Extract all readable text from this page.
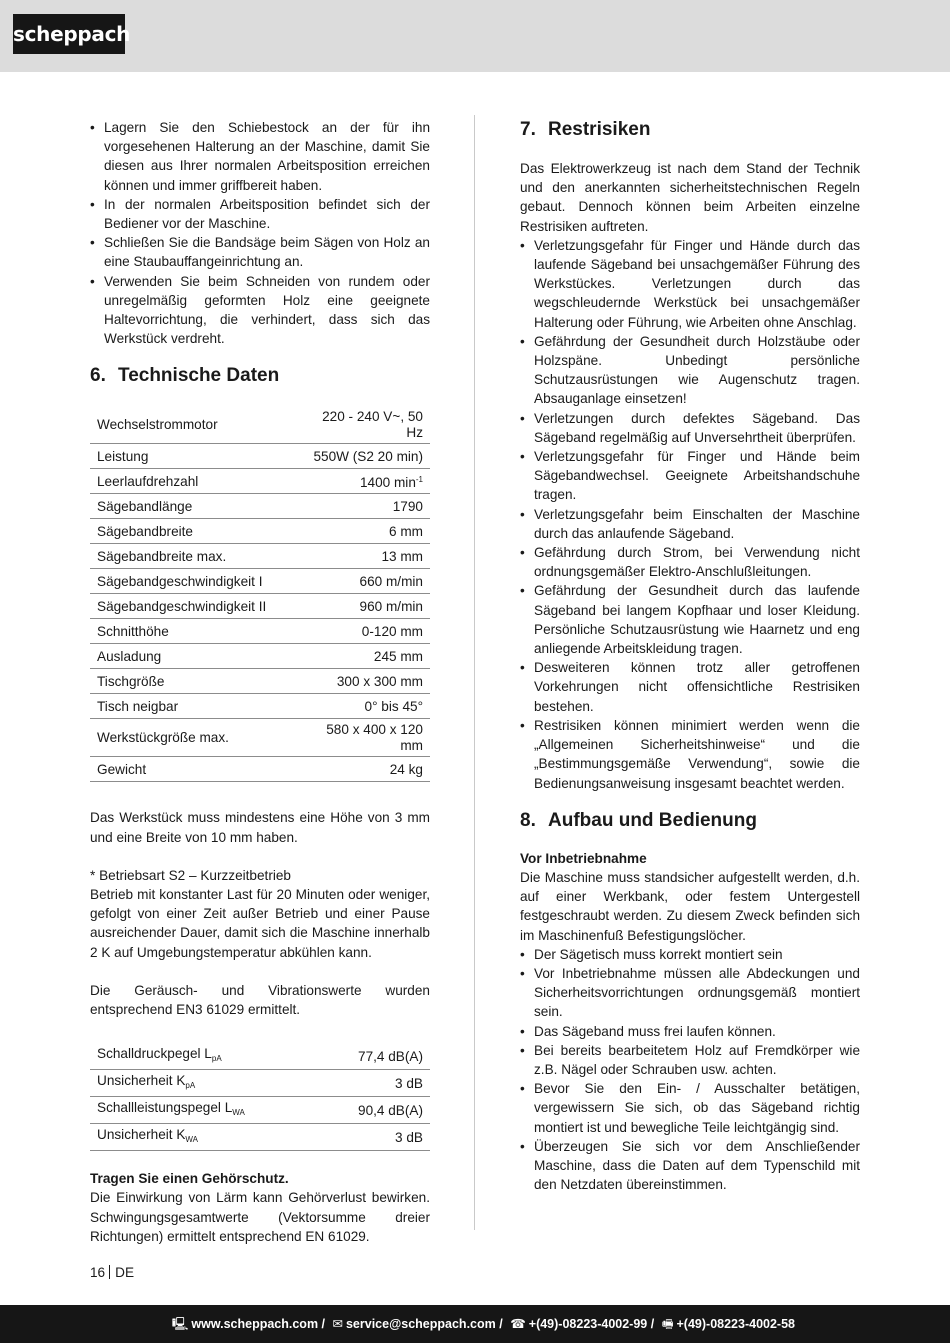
scheppach
• Lagern Sie den Schiebestock an der für ihn vorgesehenen Halterung an der Maschine, damit Sie diesen aus Ihrer normalen Arbeitsposition erreichen können und immer griffbereit haben.
• In der normalen Arbeitsposition befindet sich der Bediener vor der Maschine.
• Schließen Sie die Bandsäge beim Sägen von Holz an eine Staubauffangeinrichtung an.
• Verwenden Sie beim Schneiden von rundem oder unregelmäßig geformten Holz eine geeignete Haltevorrichtung, die verhindert, dass sich das Werkstück verdreht.
6. Technische Daten
Wechselstrommotor	220 - 240 V~, 50 Hz
Leistung	550W (S2 20 min)
Leerlaufdrehzahl	1400 $\min^{-1}$
Sägebandlänge	1790
Sägebandbreite	6 mm
Sägebandbreite max.	13 mm
Sägebandgeschwindigkeit I	660 m/min
Sägebandgeschwindigkeit II	960 m/min
Schnitthöhe	0-120 mm
Ausladung	245 mm
Tischgröße	300 x 300 mm
Tisch neigbar	0° bis 45°
Werkstückgröße max.	580 x 400 x 120 mm
Gewicht	24 kg

Das Werkstück muss mindestens eine Höhe von 3 mm und eine Breite von 10 mm haben.

* Betriebsart S2 – Kurzzeitbetrieb

Betrieb mit konstanter Last für 20 Minuten oder weniger, gefolgt von einer Zeit außer Betrieb und einer Pause ausreichender Dauer, damit sich die Maschine innerhalb 2 K auf Umgebungstemperatur abkühlen kann.

Die Geräusch- und Vibrationswerte wurden entsprechend EN3 61029 ermittelt.

Schalldruckpegel $L_{pA}$	77,4 dB(A)
Unsicherheit $K_{pA}$	3 dB
Schallleistungspegel $L_{WA}$	90,4 dB(A)
Unsicherheit $K_{WA}$	3 dB
Tragen Sie einen Gehörschutz.

Die Einwirkung von Lärm kann Gehörverlust bewirken. Schwingungsgesamtwerte (Vektorsumme dreier Richtungen) ermittelt entsprechend EN 61029.

7. Restrisiken

Das Elektrowerkzeug ist nach dem Stand der Technik und den anerkannten sicherheitstechnischen Regeln gebaut. Dennoch können beim Arbeiten einzelne Restrisiken auftreten.

• Verletzungsgefahr für Finger und Hände durch das laufende Sägeband bei unsachgemäßer Führung des Werkstückes. Verletzungen durch das wegschleudernde Werkstück bei unsachgemäßer Halterung oder Führung, wie Arbeiten ohne Anschlag.
• Gefährdung der Gesundheit durch Holzstäube oder Holzspäne. Unbedingt persönliche Schutzausrüstungen wie Augenschutz tragen. Absauganlage einsetzen!
• Verletzungen durch defektes Sägeband. Das Sägeband regelmäßig auf Unversehrtheit überprüfen.
• Verletzungsgefahr für Finger und Hände beim Sägebandwechsel. Geeignete Arbeitshandschuhe tragen.
• Verletzungsgefahr beim Einschalten der Maschine durch das anlaufende Sägeband.
• Gefährdung durch Strom, bei Verwendung nicht ordnungsgemäßer Elektro-Anschlußleitungen.
• Gefährdung der Gesundheit durch das laufende Sägeband bei langem Kopfhaar und loser Kleidung. Persönliche Schutzausrüstung wie Haarnetz und eng anliegende Arbeitskleidung tragen.
• Desweiteren können trotz aller getroffenen Vorkehrungen nicht offensichtliche Restrisiken bestehen.
• Restrisiken können minimiert werden wenn die „Allgemeinen Sicherheitshinweise“ und die „Bestimmungsgemäße Verwendung“, sowie die Bedienungsanweisung insgesamt beachtet werden.
8. Aufbau und Bedienung
Vor Inbetriebnahme

Die Maschine muss standsicher aufgestellt werden, d.h. auf einer Werkbank, oder festem Untergestell festgeschraubt werden. Zu diesem Zweck befinden sich im Maschinenfuß Befestigungslöcher.

• Der Sägetisch muss korrekt montiert sein
• Vor Inbetriebnahme müssen alle Abdeckungen und Sicherheitsvorrichtungen ordnungsgemäß montiert sein.
• Das Sägeband muss frei laufen können.
• Bei bereits bearbeitetem Holz auf Fremdkörper wie z.B. Nägel oder Schrauben usw. achten.
• Bevor Sie den Ein- / Ausschalter betätigen, vergewissern Sie sich, ob das Sägeband richtig montiert ist und bewegliche Teile leichtgängig sind.
• Überzeugen Sie sich vor dem Anschließender Maschine, dass die Daten auf dem Typenschild mit den Netzdaten übereinstimmen.
16 DE
🖳︎ www.scheppach.com / ✉︎ service@scheppach.com / ☎︎ +(49)-08223-4002-99 / 🖷︎ +(49)-08223-4002-58
